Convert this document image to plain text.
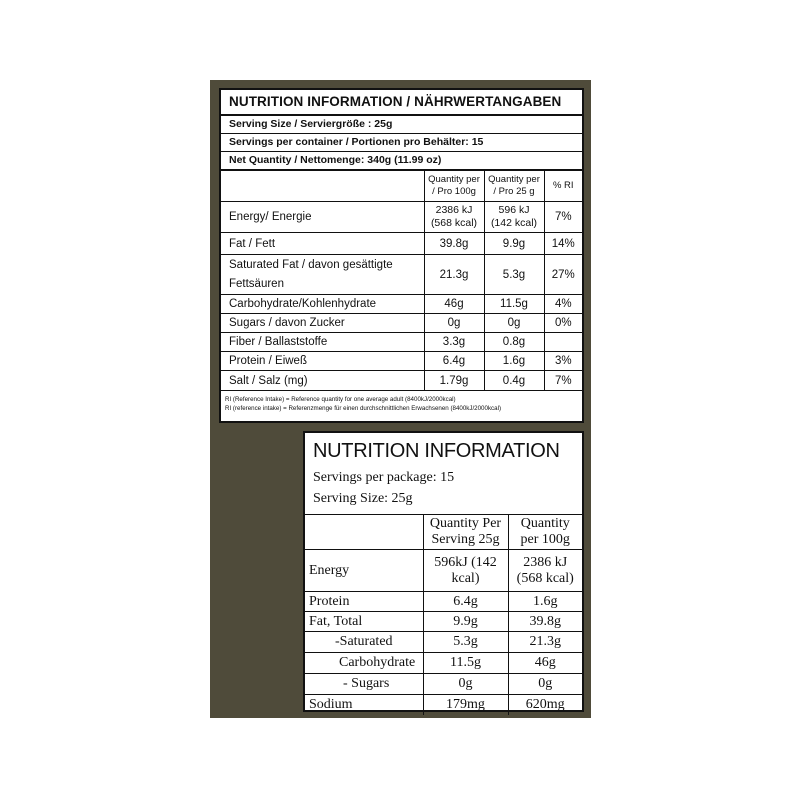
NUTRITION INFORMATION / NÄHRWERTANGABEN
Serving Size / Serviergröße : 25g
Servings per container / Portionen pro Behälter: 15
Net Quantity / Nettomenge: 340g (11.99 oz)
	Quantity per / Pro 100g	Quantity per / Pro 25 g	% RI
Energy/ Energie	2386 kJ (568 kcal)	596 kJ (142 kcal)	7%
Fat / Fett	39.8g	9.9g	14%
Saturated Fat / davon gesättigte Fettsäuren	21.3g	5.3g	27%
Carbohydrate/Kohlenhydrate	46g	11.5g	4%
Sugars / davon Zucker	0g	0g	0%
Fiber / Ballaststoffe	3.3g	0.8g	
Protein / Eiweß	6.4g	1.6g	3%
Salt / Salz (mg)	1.79g	0.4g	7%
RI (Reference Intake) = Reference quantity for one average adult (8400kJ/2000kcal)
RI (reference intake) = Referenzmenge für einen durchschnittlichen Erwachsenen (8400kJ/2000kcal)
NUTRITION INFORMATION
Servings per package: 15
Serving Size: 25g
	Quantity Per Serving 25g	Quantity per 100g
Energy	596kJ (142 kcal)	2386 kJ (568 kcal)
Protein	6.4g	1.6g
Fat, Total	9.9g	39.8g
-Saturated	5.3g	21.3g
Carbohydrate	11.5g	46g
- Sugars	0g	0g
Sodium	179mg	620mg
